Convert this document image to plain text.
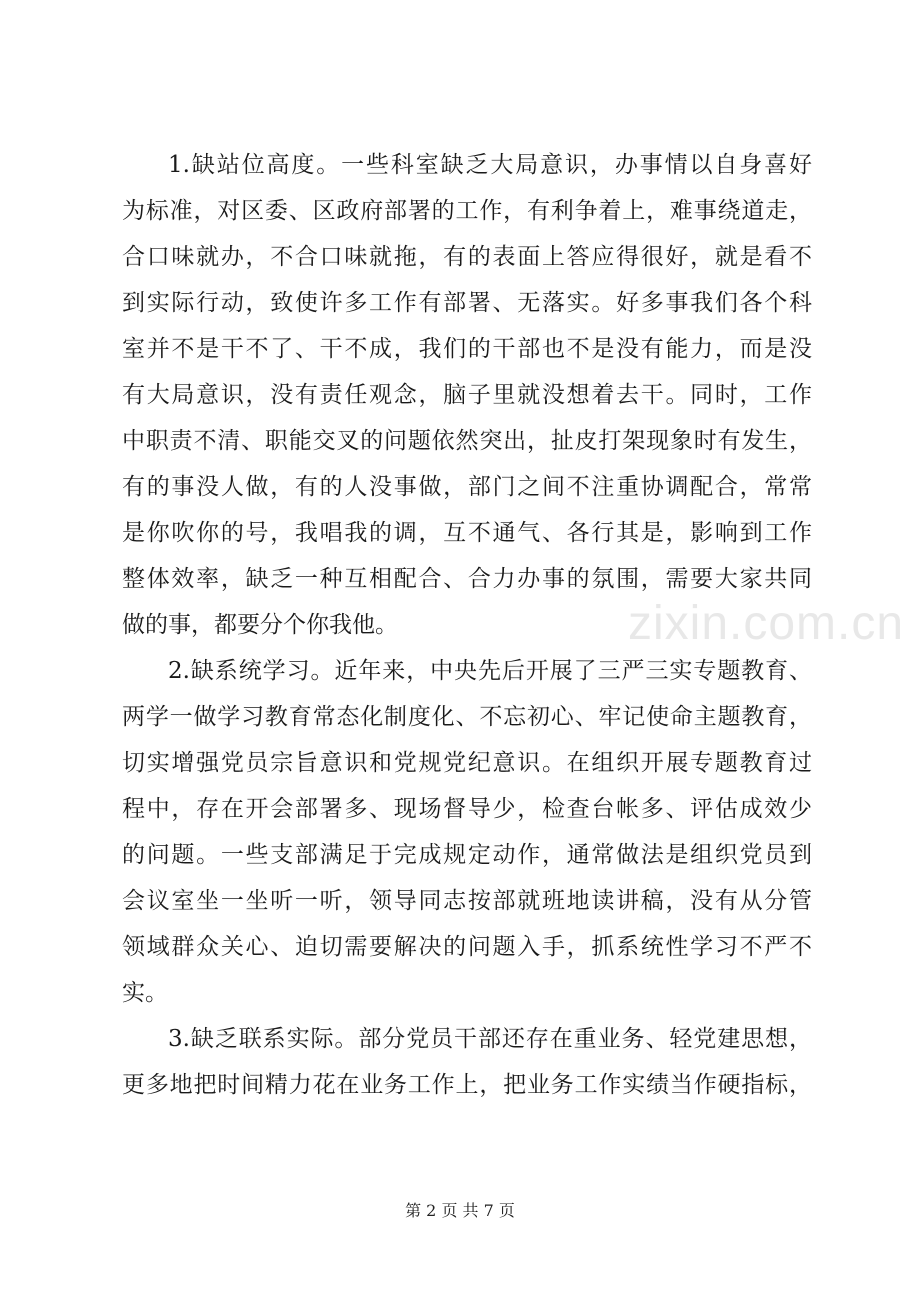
1.缺站位高度。一些科室缺乏大局意识，办事情以自身喜好
为标准，对区委、区政府部署的工作，有利争着上，难事绕道走，
合口味就办，不合口味就拖，有的表面上答应得很好，就是看不
到实际行动，致使许多工作有部署、无落实。好多事我们各个科
室并不是干不了、干不成，我们的干部也不是没有能力，而是没
有大局意识，没有责任观念，脑子里就没想着去干。同时，工作
中职责不清、职能交叉的问题依然突出，扯皮打架现象时有发生，
有的事没人做，有的人没事做，部门之间不注重协调配合，常常
是你吹你的号，我唱我的调，互不通气、各行其是，影响到工作
整体效率，缺乏一种互相配合、合力办事的氛围，需要大家共同
做的事，都要分个你我他。
2.缺系统学习。近年来，中央先后开展了三严三实专题教育、
两学一做学习教育常态化制度化、不忘初心、牢记使命主题教育，
切实增强党员宗旨意识和党规党纪意识。在组织开展专题教育过
程中，存在开会部署多、现场督导少，检查台帐多、评估成效少
的问题。一些支部满足于完成规定动作，通常做法是组织党员到
会议室坐一坐听一听，领导同志按部就班地读讲稿，没有从分管
领域群众关心、迫切需要解决的问题入手，抓系统性学习不严不
实。
3.缺乏联系实际。部分党员干部还存在重业务、轻党建思想，
更多地把时间精力花在业务工作上，把业务工作实绩当作硬指标，
zixin.com.cn
第 2 页 共 7 页
